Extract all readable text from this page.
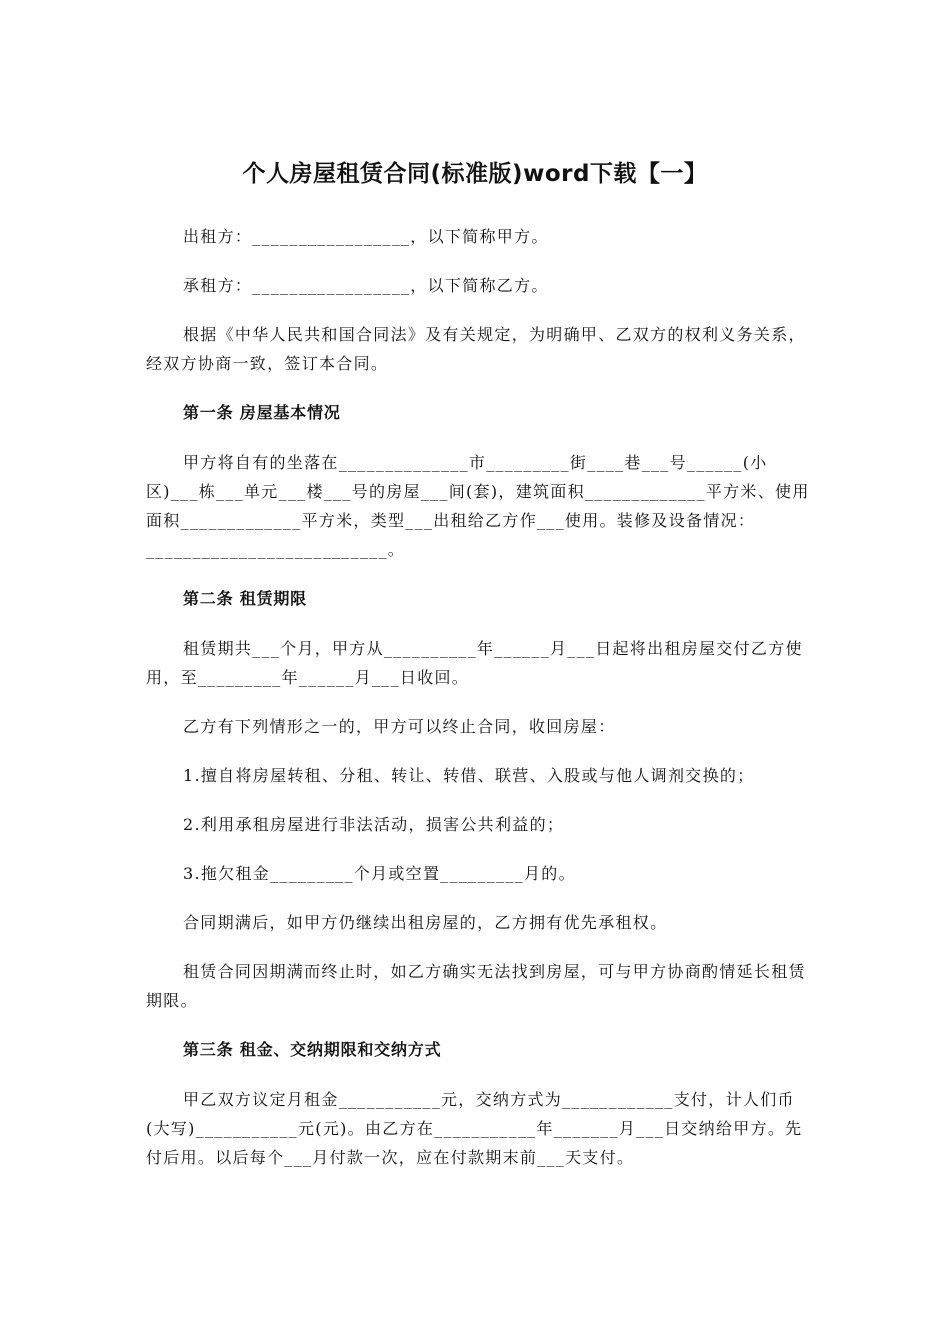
个人房屋租赁合同(标准版)word下载【一】

出租方：_________________，以下简称甲方。

承租方：_________________，以下简称乙方。

根据《中华人民共和国合同法》及有关规定，为明确甲、乙双方的权利义务关系，经双方协商一致，签订本合同。

第一条 房屋基本情况

甲方将自有的坐落在______________市_________街____巷___号______(小区)___栋___单元___楼___号的房屋___间(套)，建筑面积_____________平方米、使用面积_____________平方米，类型___出租给乙方作___使用。装修及设备情况：__________________________。

第二条 租赁期限

租赁期共___个月，甲方从__________年______月___日起将出租房屋交付乙方使用，至_________年______月___日收回。

乙方有下列情形之一的，甲方可以终止合同，收回房屋：

1.擅自将房屋转租、分租、转让、转借、联营、入股或与他人调剂交换的；

2.利用承租房屋进行非法活动，损害公共利益的；

3.拖欠租金_________个月或空置_________月的。

合同期满后，如甲方仍继续出租房屋的，乙方拥有优先承租权。

租赁合同因期满而终止时，如乙方确实无法找到房屋，可与甲方协商酌情延长租赁期限。

第三条 租金、交纳期限和交纳方式

甲乙双方议定月租金___________元，交纳方式为____________支付，计人们币(大写)___________元(元)。由乙方在___________年_______月___日交纳给甲方。先付后用。以后每个___月付款一次，应在付款期末前___天支付。
